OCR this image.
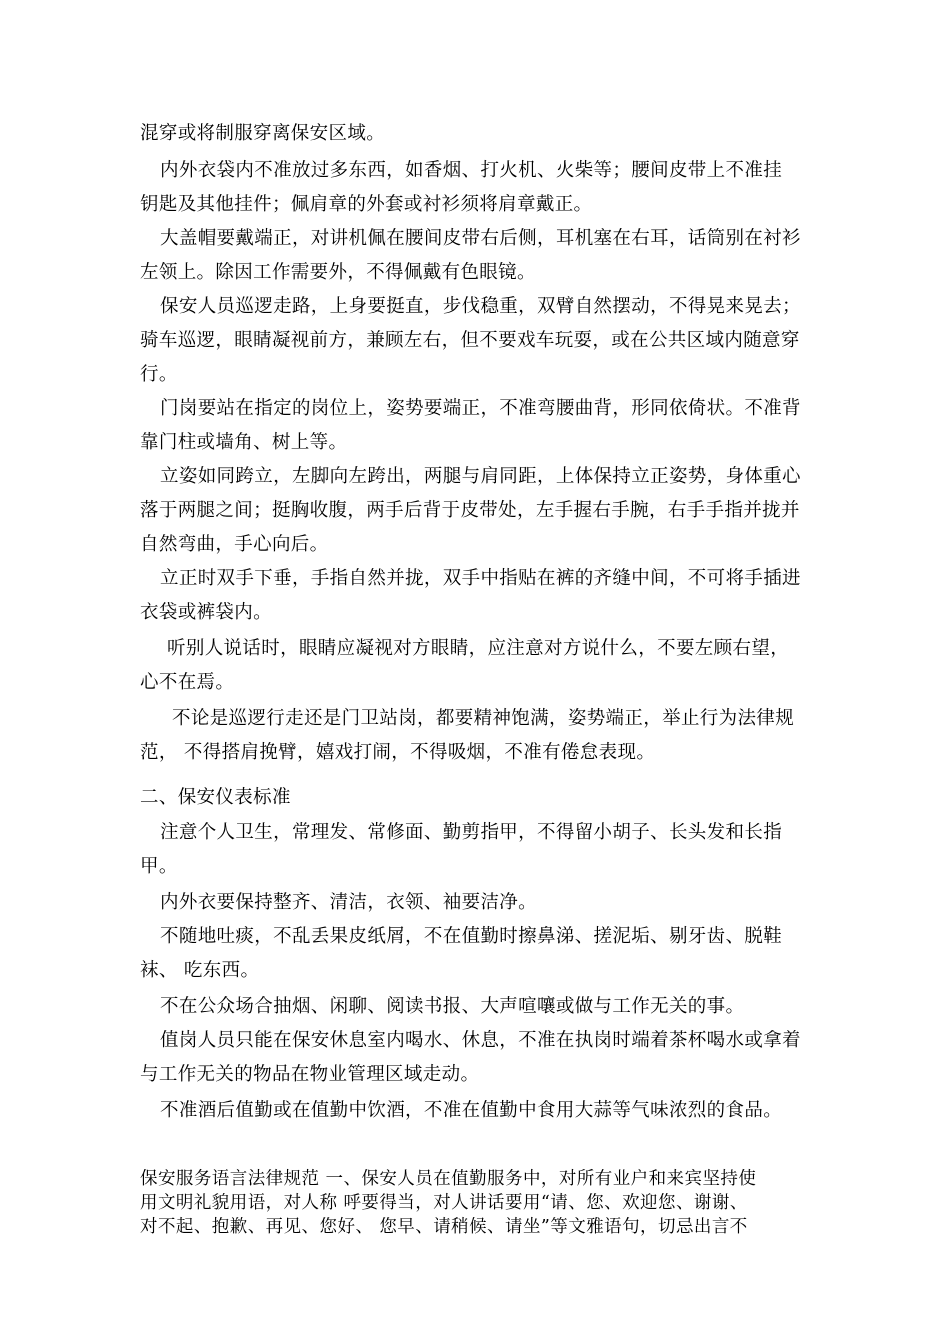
混穿或将制服穿离保安区域。
内外衣袋内不准放过多东西，如香烟、打火机、火柴等；腰间皮带上不准挂
钥匙及其他挂件；佩肩章的外套或衬衫须将肩章戴正。
大盖帽要戴端正，对讲机佩在腰间皮带右后侧，耳机塞在右耳，话筒别在衬衫
左领上。除因工作需要外，不得佩戴有色眼镜。
保安人员巡逻走路，上身要挺直，步伐稳重，双臂自然摆动，不得晃来晃去；
骑车巡逻，眼睛凝视前方，兼顾左右，但不要戏车玩耍，或在公共区域内随意穿
行。
门岗要站在指定的岗位上，姿势要端正，不准弯腰曲背，形同依倚状。不准背
靠门柱或墙角、树上等。
立姿如同跨立，左脚向左跨出，两腿与肩同距，上体保持立正姿势，身体重心
落于两腿之间；挺胸收腹，两手后背于皮带处，左手握右手腕，右手手指并拢并
自然弯曲，手心向后。
立正时双手下垂，手指自然并拢，双手中指贴在裤的齐缝中间，不可将手插进
衣袋或裤袋内。
听别人说话时，眼睛应凝视对方眼睛，应注意对方说什么，不要左顾右望，
心不在焉。
不论是巡逻行走还是门卫站岗，都要精神饱满，姿势端正，举止行为法律规
范， 不得搭肩挽臂，嬉戏打闹，不得吸烟，不准有倦怠表现。
二、保安仪表标准
注意个人卫生，常理发、常修面、勤剪指甲，不得留小胡子、长头发和长指
甲。
内外衣要保持整齐、清洁，衣领、袖要洁净。
不随地吐痰，不乱丢果皮纸屑，不在值勤时擦鼻涕、搓泥垢、剔牙齿、脱鞋
袜、 吃东西。
不在公众场合抽烟、闲聊、阅读书报、大声喧嚷或做与工作无关的事。
值岗人员只能在保安休息室内喝水、休息，不准在执岗时端着茶杯喝水或拿着
与工作无关的物品在物业管理区域走动。
不准酒后值勤或在值勤中饮酒，不准在值勤中食用大蒜等气味浓烈的食品。
保安服务语言法律规范 一、保安人员在值勤服务中，对所有业户和来宾坚持使
用文明礼貌用语，对人称 呼要得当，对人讲话要用“请、您、欢迎您、谢谢、
对不起、抱歉、再见、您好、 您早、请稍候、请坐”等文雅语句，切忌出言不
